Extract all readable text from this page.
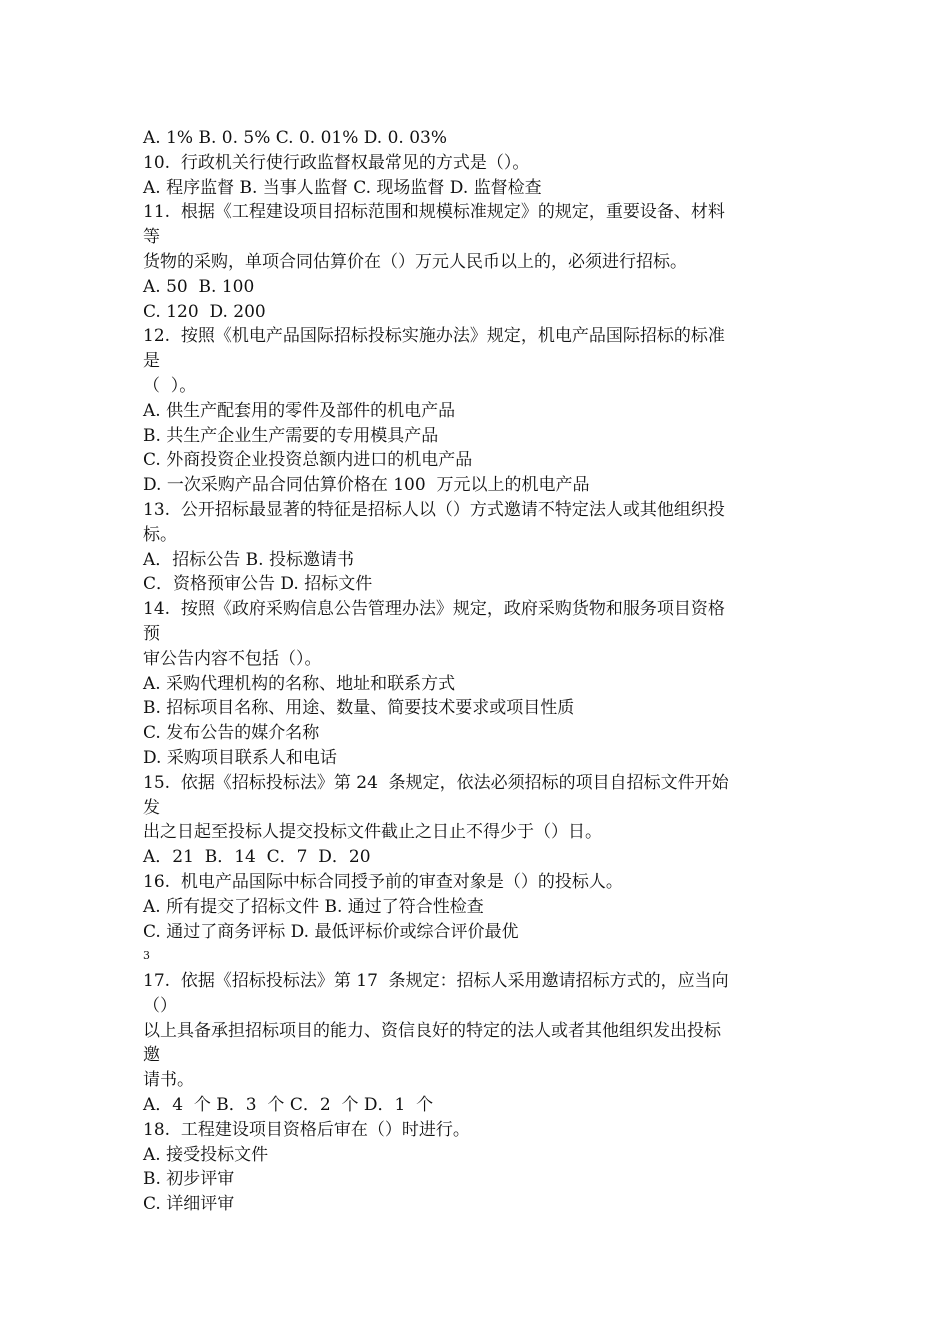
A. 1% B. 0. 5% C. 0. 01% D. 0. 03%
10.  行政机关行使行政监督权最常见的方式是（）。
A. 程序监督 B. 当事人监督 C. 现场监督 D. 监督检查
11.  根据《工程建设项目招标范围和规模标准规定》的规定，重要设备、材料
等
货物的采购，单项合同估算价在（）万元人民币以上的，必须进行招标。
A. 50  B. 100
C. 120  D. 200
12.  按照《机电产品国际招标投标实施办法》规定，机电产品国际招标的标准
是
（  ）。
A. 供生产配套用的零件及部件的机电产品
B. 共生产企业生产需要的专用模具产品
C. 外商投资企业投资总额内进口的机电产品
D. 一次采购产品合同估算价格在 100  万元以上的机电产品
13.  公开招标最显著的特征是招标人以（）方式邀请不特定法人或其他组织投
标。
A．招标公告 B. 投标邀请书
C．资格预审公告 D. 招标文件
14.  按照《政府采购信息公告管理办法》规定，政府采购货物和服务项目资格
预
审公告内容不包括（）。
A. 采购代理机构的名称、地址和联系方式
B. 招标项目名称、用途、数量、简要技术要求或项目性质
C. 发布公告的媒介名称
D. 采购项目联系人和电话
15.  依据《招标投标法》第 24  条规定，依法必须招标的项目自招标文件开始
发
出之日起至投标人提交投标文件截止之日止不得少于（）日。
A．21  B．14  C．7  D．20
16.  机电产品国际中标合同授予前的审查对象是（）的投标人。
A. 所有提交了招标文件 B. 通过了符合性检查
C. 通过了商务评标 D. 最低评标价或综合评价最优
3
17.  依据《招标投标法》第 17  条规定：招标人采用邀请招标方式的，应当向
（）
以上具备承担招标项目的能力、资信良好的特定的法人或者其他组织发出投标
邀
请书。
A．4  个 B．3  个 C．2  个 D．1  个
18.  工程建设项目资格后审在（）时进行。
A. 接受投标文件
B. 初步评审
C. 详细评审
